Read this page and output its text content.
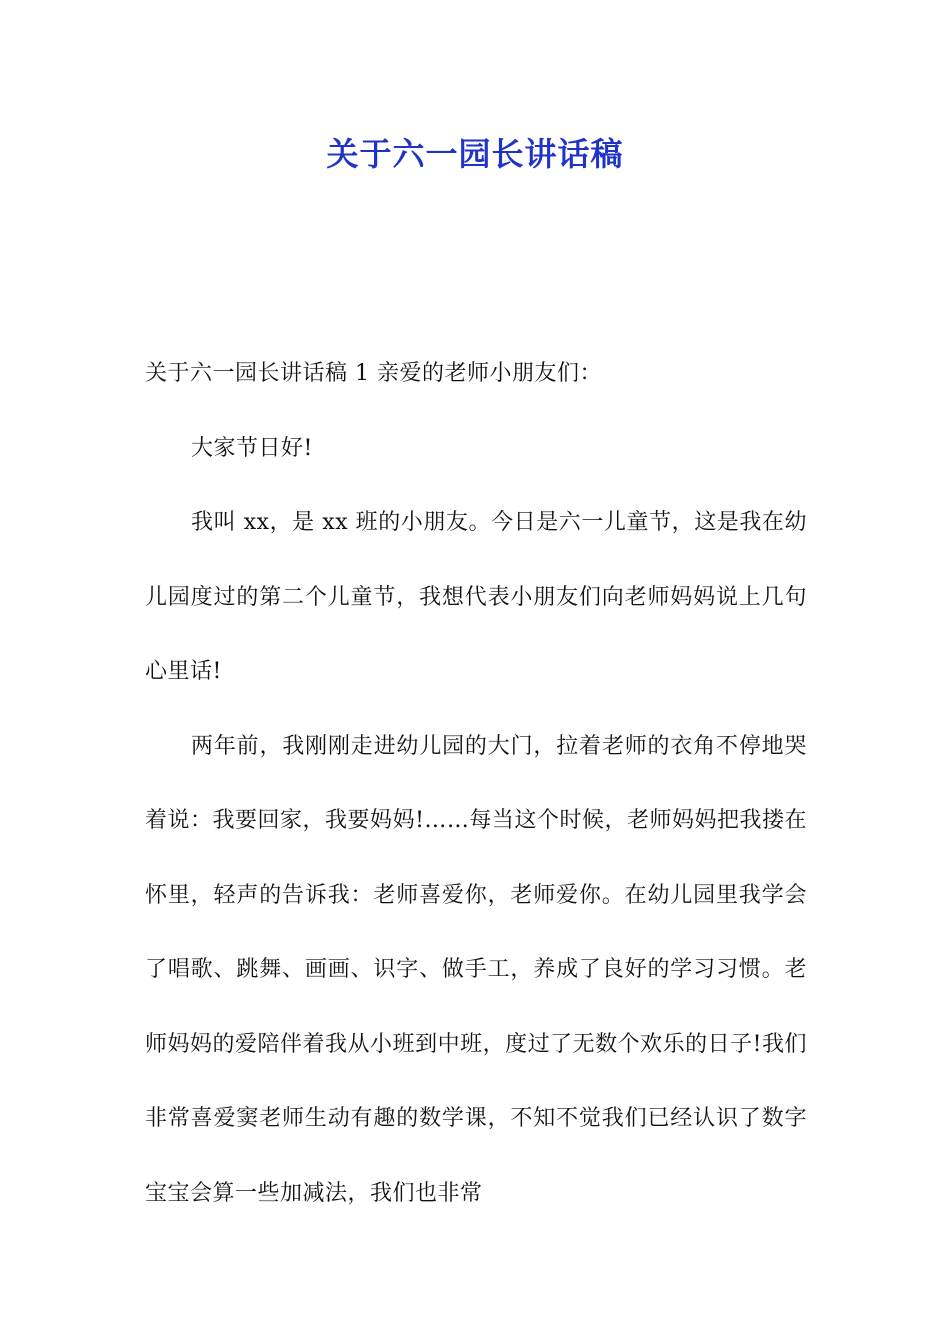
关于六一园长讲话稿

关于六一园长讲话稿 1 亲爱的老师小朋友们：

大家节日好!

我叫 xx，是 xx 班的小朋友。今日是六一儿童节，这是我在幼儿园度过的第二个儿童节，我想代表小朋友们向老师妈妈说上几句心里话!

两年前，我刚刚走进幼儿园的大门，拉着老师的衣角不停地哭着说：我要回家，我要妈妈!……每当这个时候，老师妈妈把我搂在怀里，轻声的告诉我：老师喜爱你，老师爱你。在幼儿园里我学会了唱歌、跳舞、画画、识字、做手工，养成了良好的学习习惯。老师妈妈的爱陪伴着我从小班到中班，度过了无数个欢乐的日子!我们非常喜爱窦老师生动有趣的数学课，不知不觉我们已经认识了数字宝宝会算一些加减法，我们也非常
